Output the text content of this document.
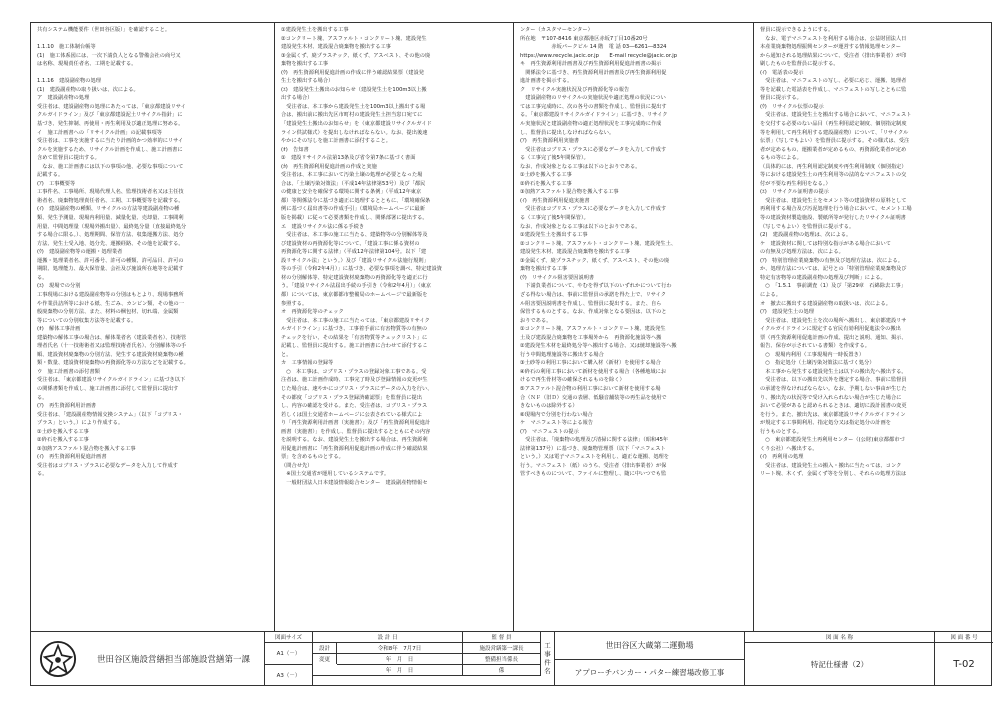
共有システム機能要件（世田谷区版）」を確認すること。

1.1.10　施工体制台帳等
(1)　施工体系図には、一次下請負人となる警備会社の商号又
は名称、現場責任者名、工期を記載する。

1.1.16　建設副産物の処理
(1)　建設副産物の取り扱いは、次による。
ア　建設副産物の処理
受注者は、建設副産物の処理にあたっては、「東京都建設リサイ
クルガイドライン」及び「東京都建設泥土リサイクル指針」に
基づき、発生抑制、再使用・再生利用及び適正処理に努める。
イ　施工計画書への「リサイクル計画」の記載事項等
受注者は、工事を実施するに当たり計画的かつ効率的にリサイ
クルを実施するため、リサイクル計画を作成し、施工計画書に
含めて監督員に提出する。
　なお、施工計画書には以下の事項の他、必要な事項について
記載する。
(ｱ)　工事概要等
工事件名、工事場所、現場代理人名、監理技術者名又は主任技
術者名、廃棄物処理責任者名、工期、工事概要等を記載する。
(ｲ)　建設副産物の種類、リサイクルの方法等建設副産物の種
類、発生予測量、現場内利用量、減量化量、売却量、工事間利
用量、中間処理量（現場外搬出量）、最終処分量（直接最終処分
する場合に限る。）、処理期間、保管方法、収集運搬方法、処分
方法、発生土受入地、処分先、運搬経路、その他を記載する。
(ｳ)　建設副産物等の運搬・処理業者
運搬・処理業者名、許可番号、許可の種類、許可品目、許可の
期限、処理能力、最大保管量、会社及び施設所在地等を記載す
る。
(ｴ)　現場での分別
工事現場における建設副産物等の分別はもとより、現場事務所
や作業員詰所等における紙、生ごみ、カンビン類、その他の一
般廃棄物の分別方法、また、材料の梱包材、切れ端、金属類
等についての分別収集方法等を記載する。
(ｵ)　解体工事計画
建築物の解体工事の場合は、解体業者名（建設業者名）、技術管
理者氏名（十一技術術者又は監理技術者氏名）、分別解体等の手
順、建設資材廃棄物の分別方法、発生する建設資材廃棄物の種
類・数量、建設資材廃棄物の再資源化等の方法などを記載する。
ウ　施工計画書の添付書類
受注者は、「東京都建設リサイクルガイドライン」に基づき以下
の関係書類を作成し、施工計画書に添付して監督員に提出す
る。
(ｱ)　再生資源利用計画書
受注者は、「建設副産物情報交換システム」（以下「コブリス・
プラス」という。）により作成する。
①土砂を搬入する工事
②砕石を搬入する工事
③加熱アスファルト混合物を搬入する工事
(ｲ)　再生資源利用促進計画書
受注者はコブリス・プラスに必要なデータを入力して作成す
る。
①建設発生土を搬出する工事
②コンクリート塊、アスファルト・コンクリート塊、建設発生
建設発生木材、建設混合廃棄物を搬出する工事
③金属くず、廃プラスチック、紙くず、アスベスト、その他の廃
棄物を搬出する工事
(ｳ)　再生資源利用促進計画の作成に伴う確認結果票（建設発
生土を搬出する場合）
(ｴ)　建設発生土搬出のお知らせ（建設発生土を100m3以上搬
出する場合）
　受注者は、本工事から建設発生土を100m3以上搬出する場
合は、搬出前に搬出先区市町村の建設発生土担当窓口宛てに
「建設発生土搬出のお知らせ」を（東京都建設リサイクルガイド
ライン供試様式）を提出しなければならない。なお、提出後速
やかにその写しを施工計画書に添付すること。
(ｵ)　告知書
①　建設リサイクル法第13条及び省令第7条に基づく書面
(ｶ)　再生資源利用促進計画の作成と実施
受注者は、本工事において汚染土壌の処理が必要となった場
合は、「土壌汚染対策法」（平成14年法律第53号）及び「都民
の健康と安全を確保する環境に関する条例」（平成12年東京
都）等関係法令に基づき適正に処理するとともに、「環境確保条
例に基づく届出書等の作成手引」（環境局ホームページに最新
版を掲載）に従って必要書類を作成し、関係部署に提出する。
エ　建設リサイクル法に係る手続き
　受注者は、本工事の施工に当たる、建築物等の分別解体等及
び建設資材の再資源化等について、「建設工事に係る資材の
再資源化等に関する法律」（平成12年法律第104号。以下「建
設リサイクル法」という。）及び「建設リサイクル法施行規則」
等の手引（令和2年4月）」に基づき、必要な事項を調べ、特定建設資
材の分別解体等、特定建設資材廃棄物の再資源化等を適正に行
う。「建設リサイクル法届出手続の手引き（令和2年4月）」（東京
都）については、東京都都市整備局のホームページで最新版を
参照する。
オ　再資源化等のチェック
　受注者は、本工事の施工に当たっては、「東京都建設リサイク
ルガイドライン」に基づき、工事着手前に有害物質等の有無の
チェックを行い、その結果を「有害物質等チェックリスト」に
記載し、監督員に提出する。施工計画書に合わせて添付するこ
と。
カ　工事情報の登録等
　○　本工事は、コブリス・プラスの登録対象工事である。受
注者は、施工計画作成時、工事完了時及び登録情報の変更が生
じた場合は、速やかにコブリス・プラスにデータの入力を行い、
その都度「コブリス・プラス登録済確認票」を監督員に提出
し、内容の確認を受ける。また、受注者は、コブリス・プラス
若しくは国土交通省ホームページに公表されている様式によ
り「再生資源利用計画書（実施書）」及び「再生資源利用促進計
画書（実施書）」を作成し、監督員に提出するとともにその内容
を説明する。なお、建設発生土を搬出する場合は、再生資源利
用促進計画書に「再生資源利用促進計画の作成に伴う確認結果
票」を含めるものとする。
（問合せ先）
　※国土交通省が運用しているシステムです。
　一般財団法人日本建設情報総合センター　建設副産物情報セ
ンター（カスタマーセンター）
所在地　〒107-8416 東京都港区赤坂7丁目10番20号
　　　　　　赤坂パークビル 14 階　電 話 03―6261―8324
https://www.recycle.jacic.or.jp　　E-mail recycle@jacic.or.jp
キ　再生資源利用計画書及び再生資源利用促進計画書の掲示
　関係法令に基づき、再生資源利用計画書及び再生資源利用促
進計画書を掲示する。
ク　リサイクル実施状況及び再資源化等の報告
　建設副産物のリサイクルの実施状況や適正処理の状況につい
ては工事完成時に、次の各号の書類を作成し、監督員に提出す
る。「東京都建設リサイクルガイドライン」に基づき、リサイク
ル実施状況と建設副産物の適正処理状況を工事完成時に作成
し、監督員に提出しなければならない。
(ｱ)　再生資源利用実施書
　受注者はコブリス・プラスに必要なデータを入力して作成す
る（工事完了後5年間保管）。
なお、作成対象となる工事は以下のとおりである。
①土砂を搬入する工事
②砕石を搬入する工事
③加熱アスファルト混合物を搬入する工事
(ｲ)　再生資源利用促進実施書
　受注者はコブリス・プラスに必要なデータを入力して作成す
る（工事完了後5年間保管）。
なお、作成対象となる工事は以下のとおりである。
①建設発生土を搬出する工事
②コンクリート塊、アスファルト・コンクリート塊、建設発生土、
建設発生木材、建設混合廃棄物を搬出する工事
③金属くず、廃プラスチック、紙くず、アスベスト、その他の廃
棄物を搬出する工事
(ｳ)　リサイクル阻害要因説明書
　下請負業者について、やむを得ず以下のいずれかについて行わ
ざる得ない場合は、事前に監督員の承諾を得た上で、リサイク
ル阻害要因説明書を作成し、監督員に提出する。また、自ら
保管するものとする。なお、作成対象となる要因は、以下のと
おりである。
①コンクリート塊、アスファルト・コンクリート塊、建設発生
土及び建設混合廃棄物を工事場外から　再資源化施設等へ搬
②建設発生木材を最終処分等へ搬出する場合、又は焼却施設等へ搬
行う中間処理施設等に搬出する場合
③土砂等の利用工事において購入材（新材）を使用する場合
④砕石の利用工事において新材を使用する場合（各種地域にお
けるで再生骨材等の確保されるものを除く）
⑤アスファルト混合物の利用工事において新材を使用する場
合（ＮＦ（旧Ｄ）交通の表層、低騒音舗装等の再生品を使用で
きないものは除外する）
⑥現場内で分別を行わない場合
ケ　マニフェスト等による報告
(ｱ)　マニフェストの提示
　受注者は、「廃棄物の処理及び清掃に関する法律」（昭和45年
法律第137号）に基づき、廃棄物管理票（以下「マニフェスト
という。）又は電子マニフェストを利用し、適正な運搬、処理を
行う。マニフェスト（紙）のうち、受注者（排出事業者）が保
管すべきものについて、ファイルに整理し、随に中いつでも監
督員に提示できるようにする。
　なお、電子マニフェストを利用する場合は、公益財団法人日
本産業廃棄物処理振興センターが運営する情報処理センター
から通知される処理結果について、受注者（排出事業者）が印
刷したものを監督員に提示する。
(ｲ)　電話表の提示
　受注者は、マニフェストの写し、必要に応じ、運搬、処理者
等を記載した電話表を作成し、マニフェストの写しとともに監
督員に提示する。
(ｳ)　リサイクル伝票の提示
　受注者は、建設発生土を搬出する場合において、マニフェスト
を交付する必要のない品目（再生利用認定制度、個別指定制度
等を利用して再生利用する建設副産物）について、「リサイクル
伝票」（写しでもよい）を監督員に提示する。その様式は、受注
者が定めるもの、運搬業者が定めるもの、再資源化業者が定め
るもの等による。
（具体的には、再生利用認定制度や再生利用制度（個別指定）
等における建設発生土の再生利用等の法的なマニフェストの交
付が不要な再生利用をなる。）
(ｴ)　リサイクル証明書の提示
　受注者は、建設発生土をセメント等の建設資材の原料として
再利用する場合及び汚泥処理を行う場合において、セメント工場
等の建設資材製造施設、製紙所等が発行したリサイクル証明書
（写しでもよい）を監督員に提示する。
(2)　建設副産物の処理は、次による。
ケ　建設資材に関しては特別な指示がある場合において
の有無及び処理方法は、次による。
(ｱ)　特別管理産業廃棄物の有無及び処理方法は、次による。
か、処理方法については、記号との「特別管理産業廃棄物及び
特定有害物等の建設副産物の処理及び判断」による。
　○　「1.5.1　事前調査（1）及び「第29章　石綿除去工事」
による。
オ　撤去に搬出する建設副産物の取扱いは、次による。
(ｱ)　建設発生土の処理
　受注者は、建設発生土を次の場所へ搬出し、東京都建設リサ
イクルガイドラインに規定する官民有効利用促進法令の搬出
票（再生資源利用促進計画の作成、提出と説明、通知、掲示、
報告、保存が示されている書類）を作成する。
　○　現場内利用（工事現場内一時仮置き）
　○　指定処分（土壌汚染対策法に基づく処分）
　本工事から発生する建設発生土は以下の搬出先へ搬出する。
　受注者は、以下の搬出先以外を選定する場合、事前に監督員
の承諾を得なければならない。なお、予期しない事由が生じた
り、搬出先の状況等で受け入れられない場合が生じた場合に
おいて必要があると認められるときは、適切に設計図書の変更
を行う。また、撤出先は、東京都建設リサイクルガイドライン
が規定する工事間利用、指定処分又は指定処分の計画を
行うものとする。
　○　東京都建設発生土再利用センター（(公財)東京都都市づ
くり公社）へ搬出する。
(ｲ)　再利用の処理
　受注者は、建設発生土の搬入・搬出に当たっては、コンク
リート塊、木くず、金属くず等を分別し、それらの処理方法は
世田谷区施設営繕担当部施設営繕第一課
図面サイズ
A1（－）
A3（－）
設 計 日
設計	令和8年　7月7日
変更	年　月　日
年　月　日
監 督 員
施設営繕第一課長
整備担当係長
係	工事件名	世田谷区大蔵第二運動場
アプローチバンカー・パター練習場改修工事
図 面 名 称
特記仕様書（2）
図 面 番 号
T-02
